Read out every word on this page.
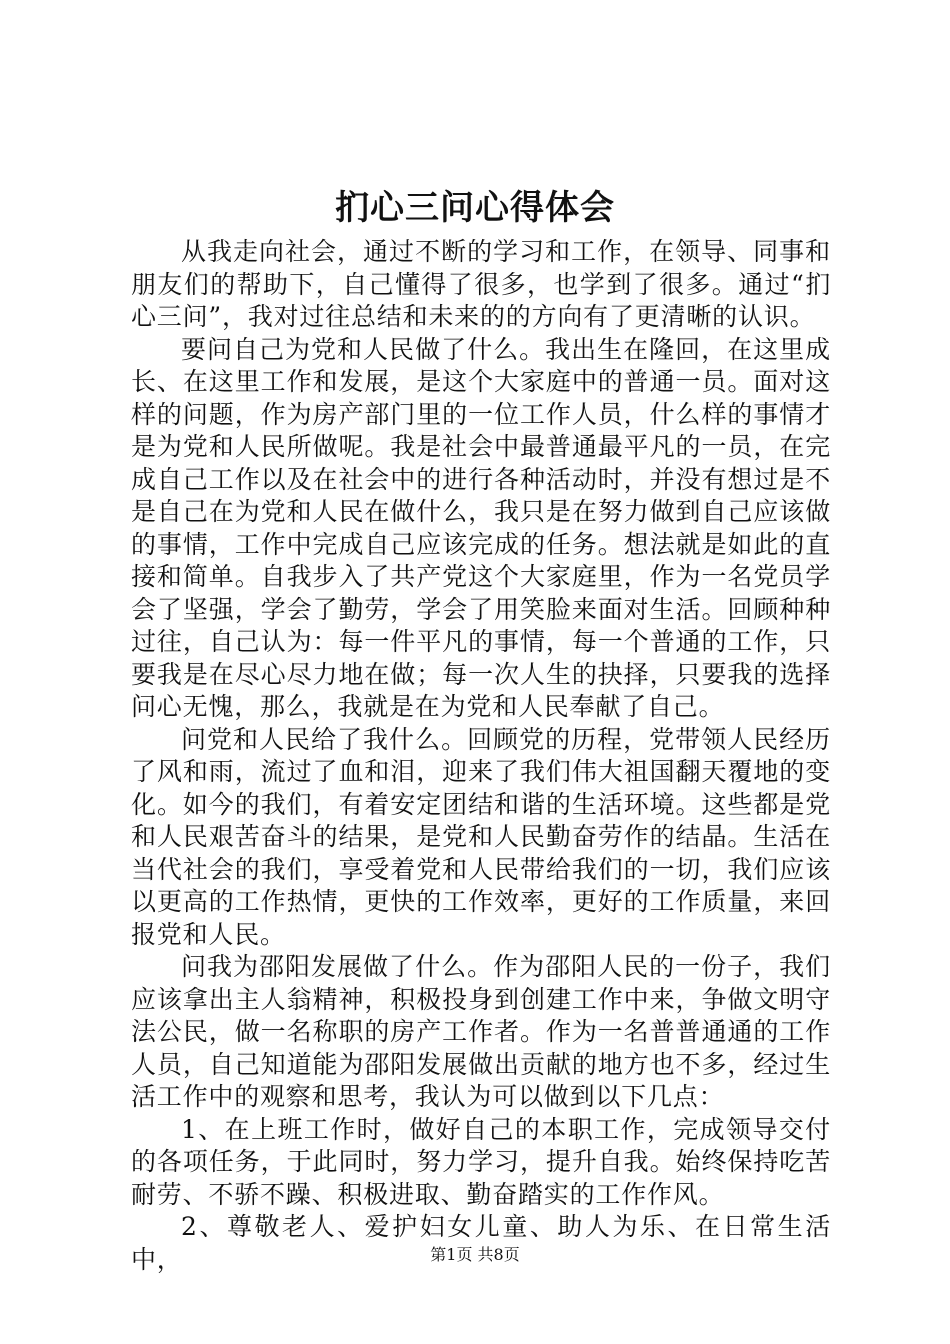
扪心三问心得体会

从我走向社会，通过不断的学习和工作，在领导、同事和朋友们的帮助下，自己懂得了很多，也学到了很多。通过“扪心三问”，我对过往总结和未来的的方向有了更清晰的认识。

要问自己为党和人民做了什么。我出生在隆回，在这里成长、在这里工作和发展，是这个大家庭中的普通一员。面对这样的问题，作为房产部门里的一位工作人员，什么样的事情才是为党和人民所做呢。我是社会中最普通最平凡的一员，在完成自己工作以及在社会中的进行各种活动时，并没有想过是不是自己在为党和人民在做什么，我只是在努力做到自己应该做的事情，工作中完成自己应该完成的任务。想法就是如此的直接和简单。自我步入了共产党这个大家庭里，作为一名党员学会了坚强，学会了勤劳，学会了用笑脸来面对生活。回顾种种过往，自己认为：每一件平凡的事情，每一个普通的工作，只要我是在尽心尽力地在做；每一次人生的抉择，只要我的选择问心无愧，那么，我就是在为党和人民奉献了自己。

问党和人民给了我什么。回顾党的历程，党带领人民经历了风和雨，流过了血和泪，迎来了我们伟大祖国翻天覆地的变化。如今的我们，有着安定团结和谐的生活环境。这些都是党和人民艰苦奋斗的结果，是党和人民勤奋劳作的结晶。生活在当代社会的我们，享受着党和人民带给我们的一切，我们应该以更高的工作热情，更快的工作效率，更好的工作质量，来回报党和人民。

问我为邵阳发展做了什么。作为邵阳人民的一份子，我们应该拿出主人翁精神，积极投身到创建工作中来，争做文明守法公民，做一名称职的房产工作者。作为一名普普通通的工作人员，自己知道能为邵阳发展做出贡献的地方也不多，经过生活工作中的观察和思考，我认为可以做到以下几点：

1、在上班工作时，做好自己的本职工作，完成领导交付的各项任务，于此同时，努力学习，提升自我。始终保持吃苦耐劳、不骄不躁、积极进取、勤奋踏实的工作作风。

2、尊敬老人、爱护妇女儿童、助人为乐、在日常生活中，	第1页 共8页
